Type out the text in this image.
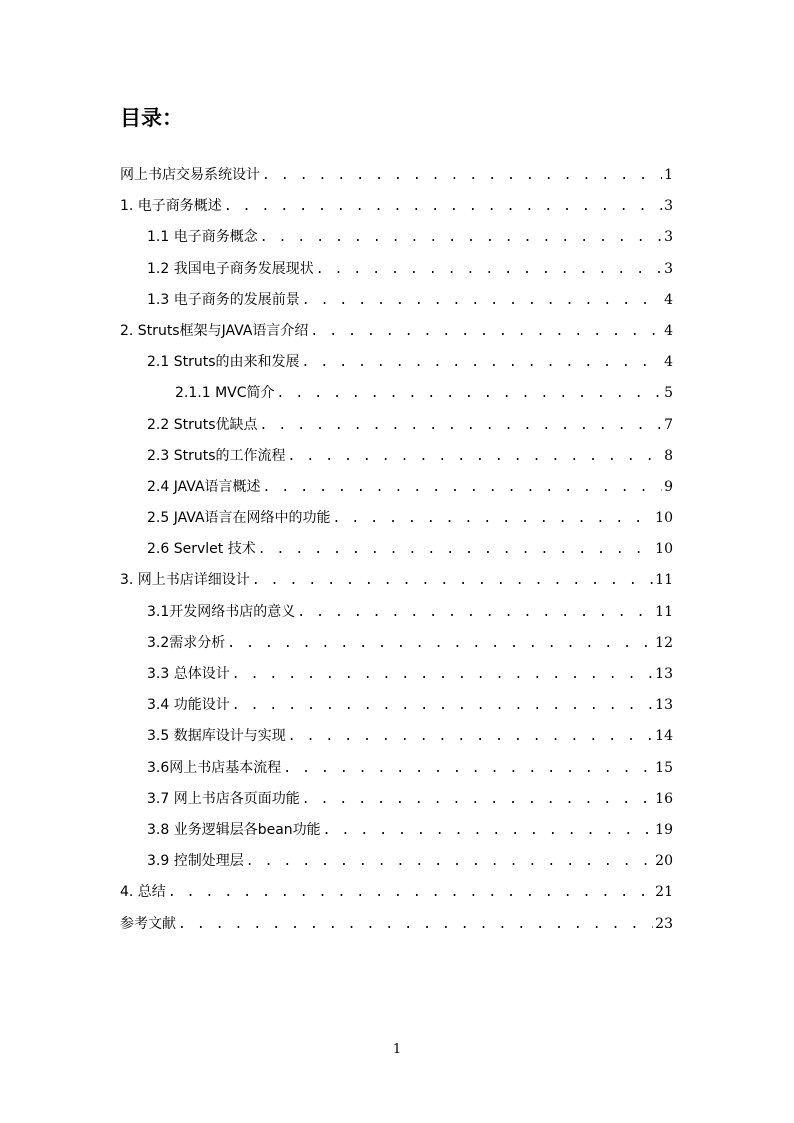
目录：
网上书店交易系统设计 . . .	1
1. 电子商务概述 . . .	3
1.1 电子商务概念 . . .	3
1.2 我国电子商务发展现状 . . .	3
1.3 电子商务的发展前景 . . .	4
2. Struts框架与JAVA语言介绍 . . .	4
2.1 Struts的由来和发展 . . .	4
2.1.1 MVC简介 . . .	5
2.2 Struts优缺点 . . .	7
2.3 Struts的工作流程 . . .	8
2.4 JAVA语言概述 . . .	9
2.5 JAVA语言在网络中的功能 . . .	10
2.6 Servlet 技术 . . .	10
3. 网上书店详细设计 . . .	11
3.1开发网络书店的意义 . . .	11
3.2需求分析 . . .	12
3.3 总体设计 . . .	13
3.4 功能设计 . . .	13
3.5 数据库设计与实现 . . .	14
3.6网上书店基本流程 . . .	15
3.7 网上书店各页面功能 . . .	16
3.8 业务逻辑层各bean功能 . . .	19
3.9 控制处理层 . . .	20
4. 总结 . . .	21
参考文献 . . .	23
1
